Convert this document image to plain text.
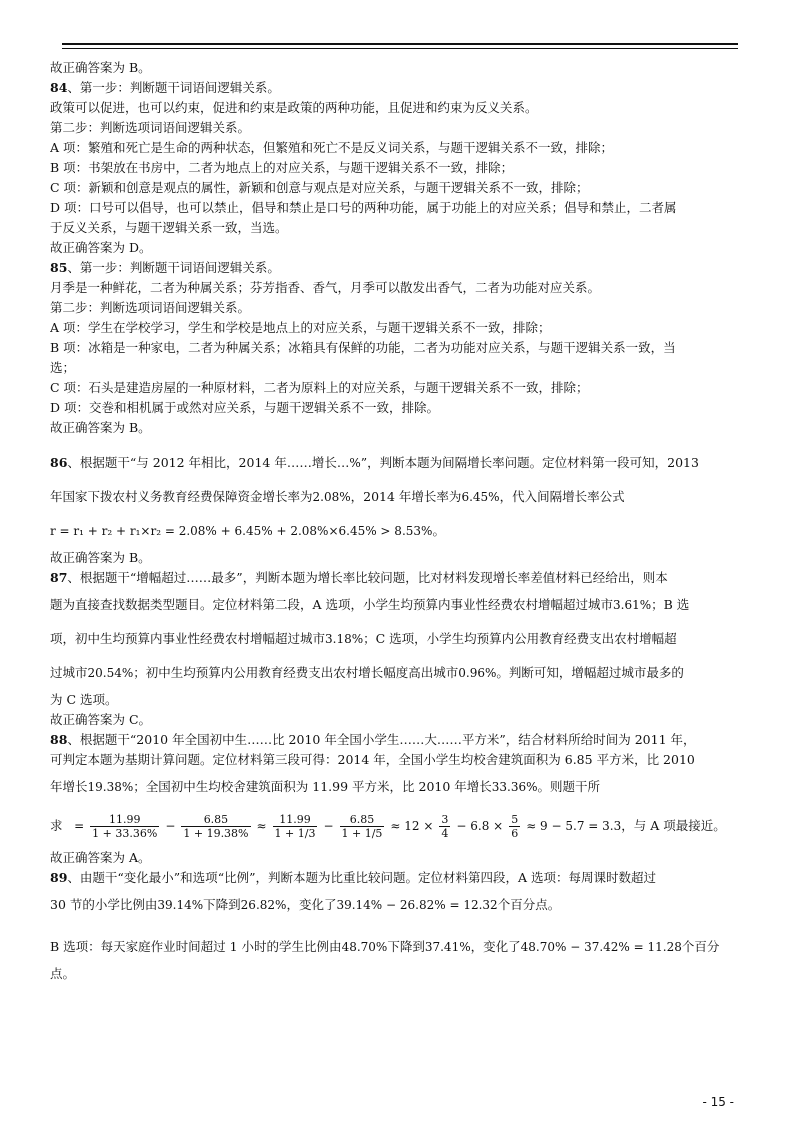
故正确答案为 B。
84、第一步：判断题干词语间逻辑关系。
政策可以促进，也可以约束，促进和约束是政策的两种功能，且促进和约束为反义关系。
第二步：判断选项词语间逻辑关系。
A 项：繁殖和死亡是生命的两种状态，但繁殖和死亡不是反义词关系，与题干逻辑关系不一致，排除；
B 项：书架放在书房中，二者为地点上的对应关系，与题干逻辑关系不一致，排除；
C 项：新颖和创意是观点的属性，新颖和创意与观点是对应关系，与题干逻辑关系不一致，排除；
D 项：口号可以倡导，也可以禁止，倡导和禁止是口号的两种功能，属于功能上的对应关系；倡导和禁止，二者属
于反义关系，与题干逻辑关系一致，当选。
故正确答案为 D。
85、第一步：判断题干词语间逻辑关系。
月季是一种鲜花，二者为种属关系；芬芳指香、香气，月季可以散发出香气，二者为功能对应关系。
第二步：判断选项词语间逻辑关系。
A 项：学生在学校学习，学生和学校是地点上的对应关系，与题干逻辑关系不一致，排除；
B 项：冰箱是一种家电，二者为种属关系；冰箱具有保鲜的功能，二者为功能对应关系，与题干逻辑关系一致，当
选；
C 项：石头是建造房屋的一种原材料，二者为原料上的对应关系，与题干逻辑关系不一致，排除；
D 项：交巻和相机属于或然对应关系，与题干逻辑关系不一致，排除。
故正确答案为 B。
86、根据题干“与 2012 年相比，2014 年……增长…%”，判断本题为间隔增长率问题。定位材料第一段可知，2013
年国家下拨农村义务教育经费保障资金增长率为2.08%，2014 年增长率为6.45%，代入间隔增长率公式
r = r₁ + r₂ + r₁×r₂ = 2.08% + 6.45% + 2.08%×6.45% > 8.53%。
故正确答案为 B。
87、根据题干“增幅超过……最多”，判断本题为增长率比较问题，比对材料发现增长率差值材料已经给出，则本
题为直接查找数据类型题目。定位材料第二段，A 选项，小学生均预算内事业性经费农村增幅超过城市3.61%；B 选
项，初中生均预算内事业性经费农村增幅超过城市3.18%；C 选项，小学生均预算内公用教育经费支出农村增幅超
过城市20.54%；初中生均预算内公用教育经费支出农村增长幅度高出城市0.96%。判断可知，增幅超过城市最多的
为 C 选项。
故正确答案为 C。
88、根据题干“2010 年全国初中生……比 2010 年全国小学生……大……平方米”，结合材料所给时间为 2011 年，
可判定本题为基期计算问题。定位材料第三段可得：2014 年，全国小学生均校舍建筑面积为 6.85 平方米，比 2010
年增长19.38%；全国初中生均校舍建筑面积为 11.99 平方米，比 2010 年增长33.36%。则题干所
求   = $\frac{11.99}{1 + 33.36\%} - \frac{6.85}{1 + 19.38\%} \approx \frac{11.99}{1 + 1/3} - \frac{6.85}{1 + 1/5} \approx 12 \times \frac{3}{4} - 6.8 \times \frac{5}{6} \approx 9 - 5.7 = 3.3$，与 A 项最接近。
故正确答案为 A。
89、由题干“变化最小”和选项“比例”，判断本题为比重比较问题。定位材料第四段，A 选项：每周课时数超过
30 节的小学比例由39.14%下降到26.82%，变化了39.14% − 26.82% = 12.32个百分点。
B 选项：每天家庭作业时间超过 1 小时的学生比例由48.70%下降到37.41%，变化了48.70% − 37.42% = 11.28个百分
点。
- 15 -
